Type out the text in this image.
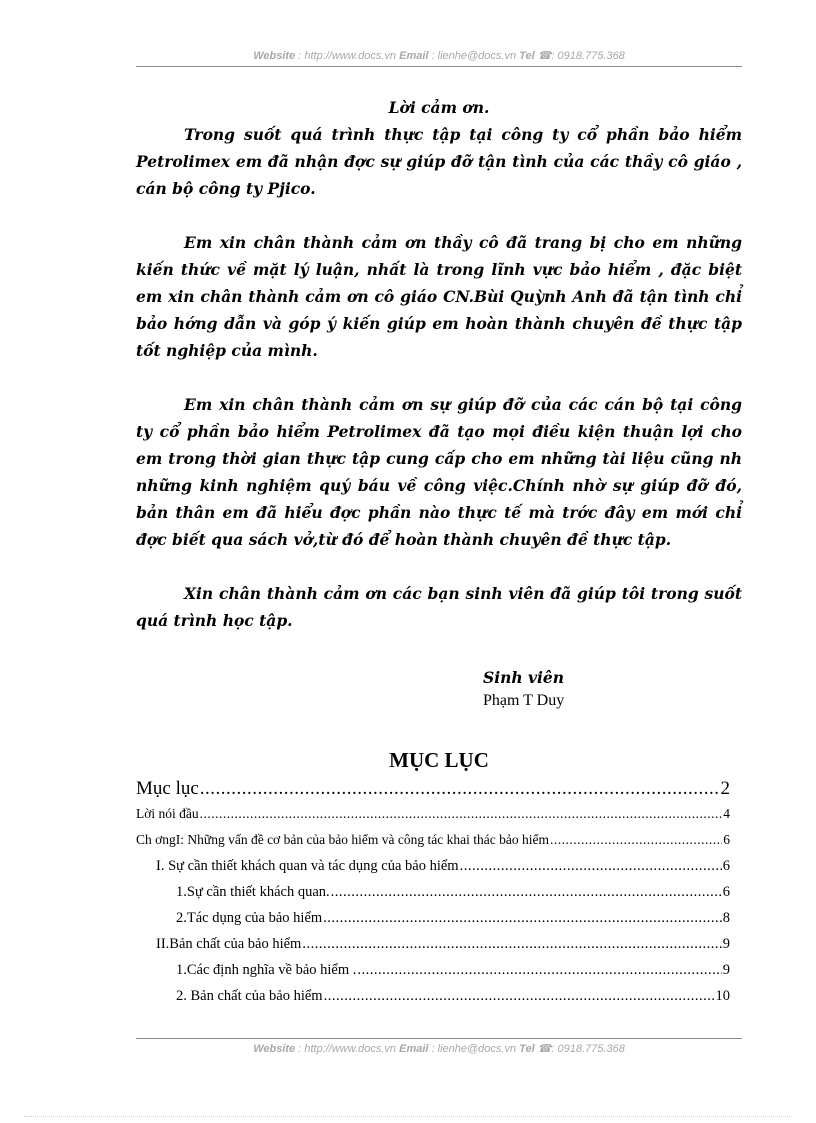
Website : http://www.docs.vn Email : lienhe@docs.vn Tel ☎: 0918.775.368

Lời cảm ơn.

Trong suốt quá trình thực tập tại công ty cổ phần bảo hiểm Petrolimex em đã nhận đợc sự giúp đỡ tận tình của các thầy cô giáo , cán bộ công ty Pjico.

Em xin chân thành cảm ơn thầy cô đã trang bị cho em những kiến thức về mặt lý luận, nhất là trong lĩnh vực bảo hiểm , đặc biệt em xin chân thành cảm ơn cô giáo CN.Bùi Quỳnh Anh đã tận tình chỉ bảo hớng dẫn và góp ý kiến giúp em hoàn thành chuyên đề thực tập tốt nghiệp của mình.

Em xin chân thành cảm ơn sự giúp đỡ của các cán bộ tại công ty cổ phần bảo hiểm Petrolimex đã tạo mọi điều kiện thuận lợi cho em trong thời gian thực tập cung cấp cho em những tài liệu cũng nh những kinh nghiệm quý báu về công việc.Chính nhờ sự giúp đỡ đó, bản thân em đã hiểu đợc phần nào thực tế mà trớc đây em mới chỉ đợc biết qua sách vở,từ đó để hoàn thành chuyên đề thực tập.

Xin chân thành cảm ơn các bạn sinh viên đã giúp tôi trong suốt quá trình học tập.

Sinh viên
Phạm T Duy
MỤC LỤC
Mục lục .....	2
Lời nói đầu .....	4
Ch ơngI: Những vấn đề cơ bản của bảo hiểm và công tác khai thác bảo hiểm .....	6
I. Sự cần thiết khách quan và tác dụng của bảo hiểm .....	6
1.Sự cần thiết khách quan. .....	6
2.Tác dụng của bảo hiểm .....	8
II.Bản chất của bảo hiểm .....	9
1.Các định nghĩa về bảo hiểm . .....	9
2. Bản chất của bảo hiểm .....	10
Website : http://www.docs.vn Email : lienhe@docs.vn Tel ☎: 0918.775.368
